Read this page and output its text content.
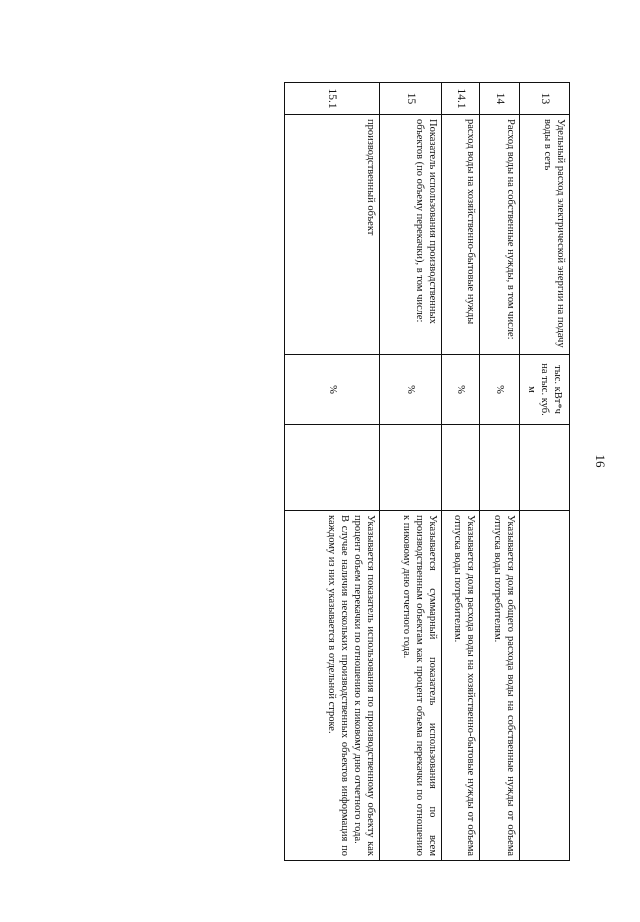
16
13	Удельный расход электрической энергии на подачу воды в сеть	тыс. кВт*ч на тыс. куб. м		
14	Расход воды на собственные нужды, в том числе:	%		Указывается доля общего расхода воды на собственные нужды от объема отпуска воды потребителям.

14.1	расход воды на хозяйственно-бытовые нужды	%		Указывается доля расхода воды на хозяйственно-бытовые нужды от объема отпуска воды потребителям.

15	Показатель использования производственных объектов (по объему перекачки), в том числе:	%		Указывается суммарный показатель использования по всем производственным объектам как процент объема перекачки по отношению к пиковому дню отчетного года.

15.1	производственный объект	%		Указывается показатель использования по производственному объекту как процент объем перекачки по отношению к пиковому дню отчетного года.

В случае наличия нескольких производственных объектов информация по каждому из них указывается в отдельной строке.
